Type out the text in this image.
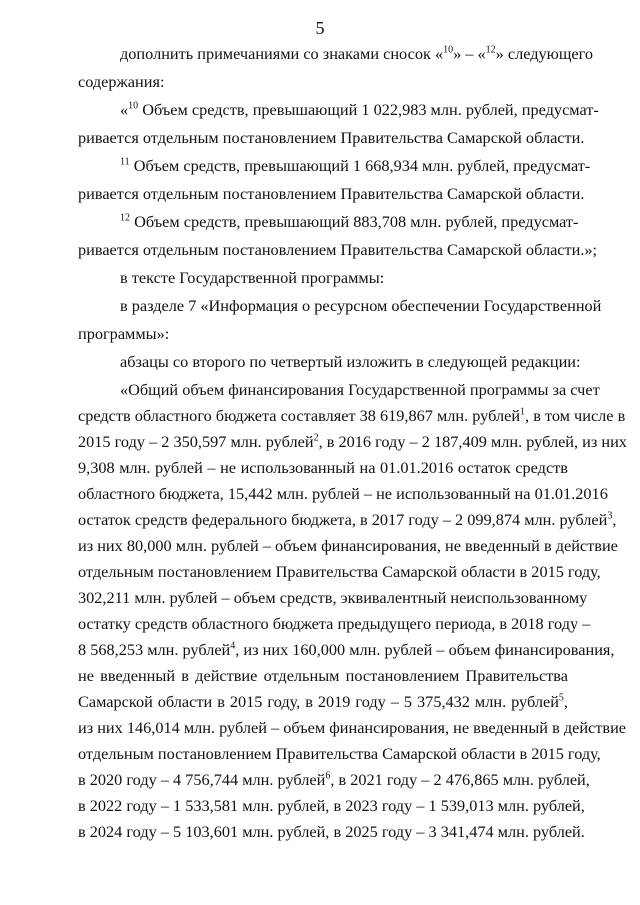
5
дополнить примечаниями со знаками сносок «$^{10}$» – «$^{12}$» следующего
содержания:
«$^{10}$ Объем средств, превышающий 1 022,983 млн. рублей, предусмат-
ривается отдельным постановлением Правительства Самарской области.
$^{11}$ Объем средств, превышающий 1 668,934 млн. рублей, предусмат-
ривается отдельным постановлением Правительства Самарской области.
$^{12}$ Объем средств, превышающий 883,708 млн. рублей, предусмат-
ривается отдельным постановлением Правительства Самарской области.»;
в тексте Государственной программы:
в разделе 7 «Информация о ресурсном обеспечении Государственной
программы»:
абзацы со второго по четвертый изложить в следующей редакции:
«Общий объем финансирования Государственной программы за счет
средств областного бюджета составляет 38 619,867 млн. рублей$^1$, в том числе в
2015 году – 2 350,597 млн. рублей$^2$, в 2016 году – 2 187,409 млн. рублей, из них
9,308 млн. рублей – не использованный на 01.01.2016 остаток средств
областного бюджета, 15,442 млн. рублей – не использованный на 01.01.2016
остаток средств федерального бюджета, в 2017 году – 2 099,874 млн. рублей$^3$,
из них 80,000 млн. рублей – объем финансирования, не введенный в действие
отдельным постановлением Правительства Самарской области в 2015 году,
302,211 млн. рублей – объем средств, эквивалентный неиспользованному
остатку средств областного бюджета предыдущего периода, в 2018 году –
8 568,253 млн. рублей$^4$, из них 160,000 млн. рублей – объем финансирования,
не введенный в действие отдельным постановлением Правительства
Самарской области в 2015 году, в 2019 году – 5 375,432 млн. рублей$^5$,
из них 146,014 млн. рублей – объем финансирования, не введенный в действие
отдельным постановлением Правительства Самарской области в 2015 году,
в 2020 году – 4 756,744 млн. рублей$^6$, в 2021 году – 2 476,865 млн. рублей,
в 2022 году – 1 533,581 млн. рублей, в 2023 году – 1 539,013 млн. рублей,
в 2024 году – 5 103,601 млн. рублей, в 2025 году – 3 341,474 млн. рублей.
